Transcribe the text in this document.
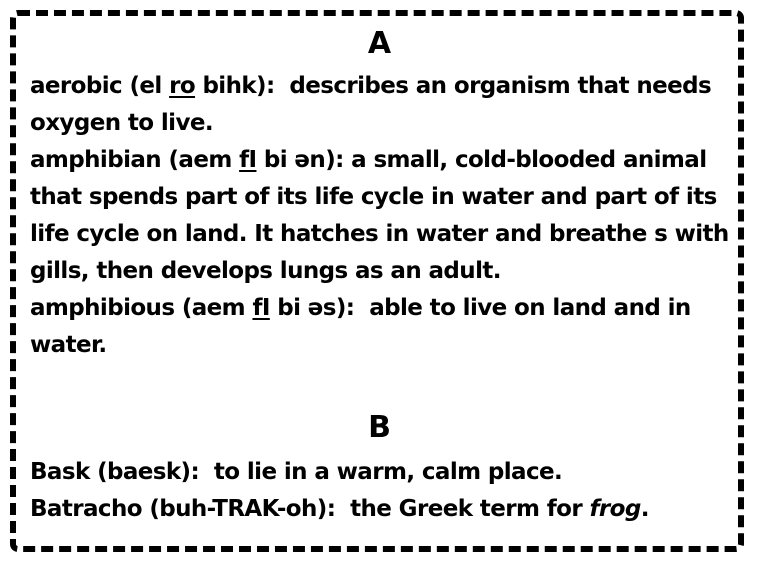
A

aerobic (el ro bihk):  describes an organism that needs oxygen to live.

amphibian (aem fI bi ən): a small, cold-blooded animal that spends part of its life cycle in water and part of its life cycle on land. It hatches in water and breathe s with gills, then develops lungs as an adult.

amphibious (aem fI bi əs):  able to live on land and in water.

B

Bask (baesk):  to lie in a warm, calm place.

Batracho (buh-TRAK-oh):  the Greek term for frog.
